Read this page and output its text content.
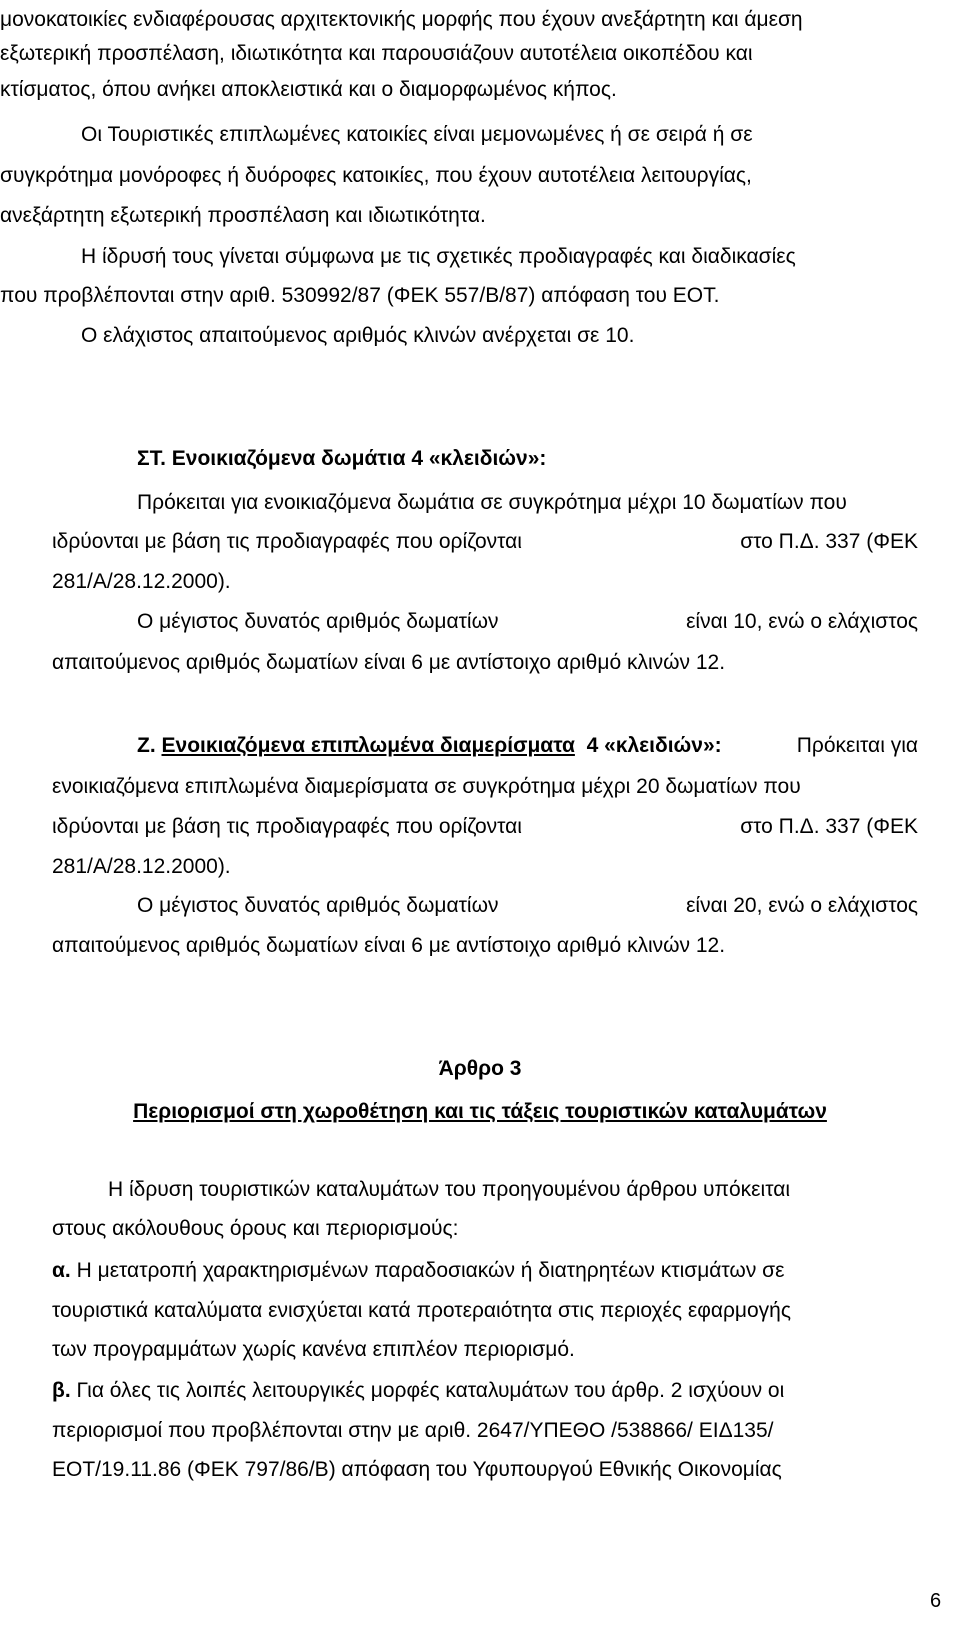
μονοκατοικίες ενδιαφέρουσας αρχιτεκτονικής μορφής που έχουν ανεξάρτητη και άμεση
εξωτερική προσπέλαση, ιδιωτικότητα και παρουσιάζουν αυτοτέλεια οικοπέδου και
κτίσματος, όπου ανήκει αποκλειστικά και ο διαμορφωμένος κήπος.
Οι Τουριστικές επιπλωμένες κατοικίες είναι μεμονωμένες ή σε σειρά ή σε
συγκρότημα μονόροφες ή δυόροφες κατοικίες, που έχουν αυτοτέλεια λειτουργίας,
ανεξάρτητη εξωτερική προσπέλαση και ιδιωτικότητα.
Η ίδρυσή τους γίνεται σύμφωνα με τις σχετικές προδιαγραφές και διαδικασίες
που προβλέπονται στην αριθ. 530992/87 (ΦΕΚ 557/Β/87) απόφαση του ΕΟΤ.
Ο ελάχιστος απαιτούμενος αριθμός κλινών ανέρχεται σε 10.
ΣΤ. Ενοικιαζόμενα δωμάτια 4 «κλειδιών»:
Πρόκειται για ενοικιαζόμενα δωμάτια σε συγκρότημα μέχρι 10 δωματίων που
ιδρύονται με βάση τις προδιαγραφές που ορίζονται	στο Π.Δ. 337 (ΦΕΚ
281/Α/28.12.2000).
Ο μέγιστος δυνατός αριθμός δωματίων	είναι 10, ενώ ο ελάχιστος
απαιτούμενος αριθμός δωματίων είναι 6 με αντίστοιχο αριθμό κλινών 12.
Ζ. Ενοικιαζόμενα επιπλωμένα διαμερίσματα 4 «κλειδιών»:	Πρόκειται για
ενοικιαζόμενα επιπλωμένα διαμερίσματα σε συγκρότημα μέχρι 20 δωματίων που
ιδρύονται με βάση τις προδιαγραφές που ορίζονται	στο Π.Δ. 337 (ΦΕΚ
281/Α/28.12.2000).
Ο μέγιστος δυνατός αριθμός δωματίων	είναι 20, ενώ ο ελάχιστος
απαιτούμενος αριθμός δωματίων είναι 6 με αντίστοιχο αριθμό κλινών 12.
Άρθρο 3
Περιορισμοί στη χωροθέτηση και τις τάξεις τουριστικών καταλυμάτων
Η ίδρυση τουριστικών καταλυμάτων του προηγουμένου άρθρου υπόκειται
στους ακόλουθους όρους και περιορισμούς:
α. Η μετατροπή χαρακτηρισμένων παραδοσιακών ή διατηρητέων κτισμάτων σε
τουριστικά καταλύματα ενισχύεται κατά προτεραιότητα στις περιοχές εφαρμογής
των προγραμμάτων χωρίς κανένα επιπλέον περιορισμό.
β. Για όλες τις λοιπές λειτουργικές μορφές καταλυμάτων του άρθρ. 2 ισχύουν οι
περιορισμοί που προβλέπονται στην με αριθ. 2647/ΥΠΕΘΟ /538866/ ΕΙΔ135/
ΕΟΤ/19.11.86 (ΦΕΚ 797/86/Β) απόφαση του Υφυπουργού Εθνικής Οικονομίας
6
